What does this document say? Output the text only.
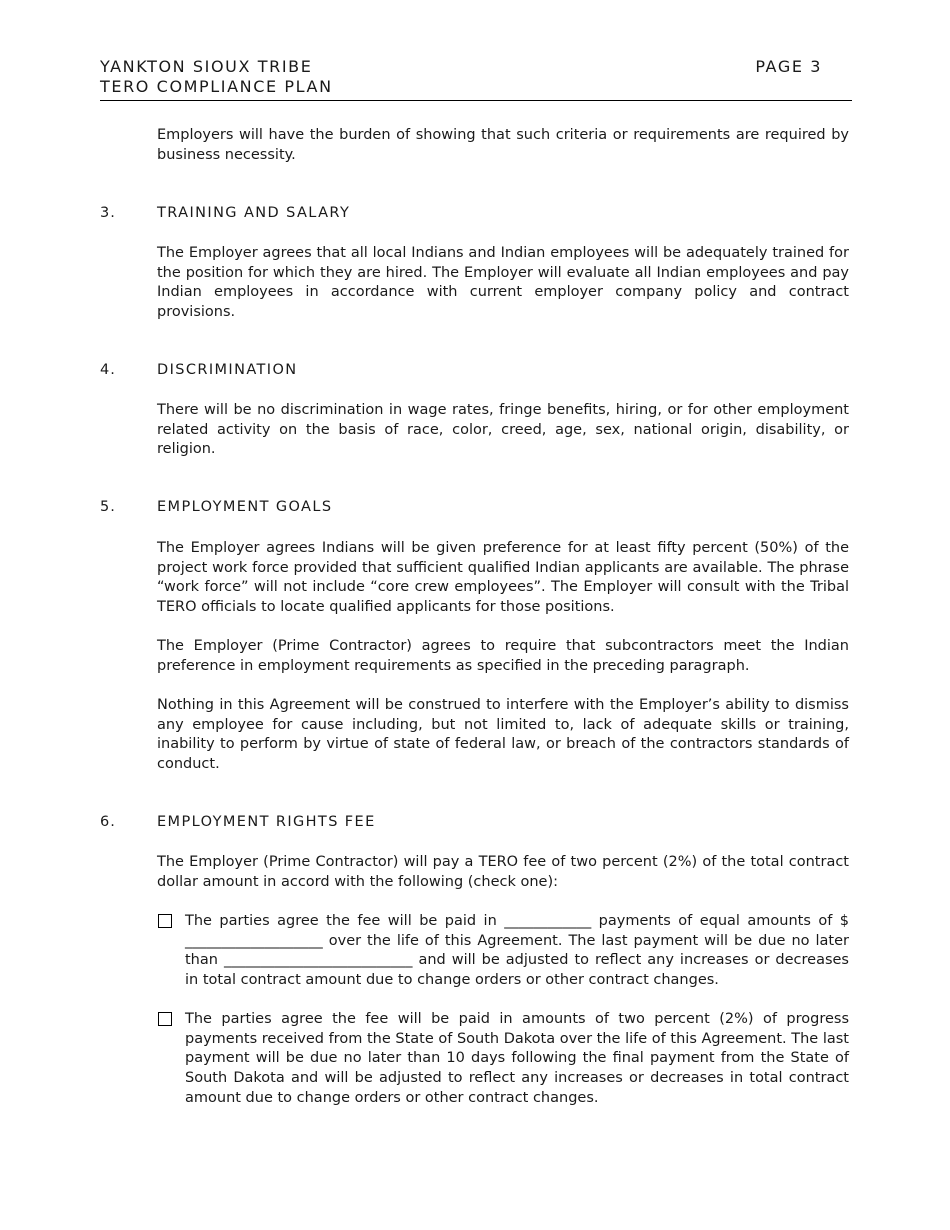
YANKTON SIOUX TRIBE
TERO COMPLIANCE PLAN
PAGE 3
Employers will have the burden of showing that such criteria or requirements are required by business necessity.
3.	TRAINING AND SALARY
The Employer agrees that all local Indians and Indian employees will be adequately trained for the position for which they are hired. The Employer will evaluate all Indian employees and pay Indian employees in accordance with current employer company policy and contract provisions.
4.	DISCRIMINATION
There will be no discrimination in wage rates, fringe benefits, hiring, or for other employment related activity on the basis of race, color, creed, age, sex, national origin, disability, or religion.
5.	EMPLOYMENT GOALS
The Employer agrees Indians will be given preference for at least fifty percent (50%) of the project work force provided that sufficient qualified Indian applicants are available. The phrase “work force” will not include “core crew employees”. The Employer will consult with the Tribal TERO officials to locate qualified applicants for those positions.
The Employer (Prime Contractor) agrees to require that subcontractors meet the Indian preference in employment requirements as specified in the preceding paragraph.
Nothing in this Agreement will be construed to interfere with the Employer’s ability to dismiss any employee for cause including, but not limited to, lack of adequate skills or training, inability to perform by virtue of state of federal law, or breach of the contractors standards of conduct.
6.	EMPLOYMENT RIGHTS FEE
The Employer (Prime Contractor) will pay a TERO fee of two percent (2%) of the total contract dollar amount in accord with the following (check one):
The parties agree the fee will be paid in ____________ payments of equal amounts of $ ___________________ over the life of this Agreement. The last payment will be due no later than __________________________ and will be adjusted to reflect any increases or decreases in total contract amount due to change orders or other contract changes.
The parties agree the fee will be paid in amounts of two percent (2%) of progress payments received from the State of South Dakota over the life of this Agreement. The last payment will be due no later than 10 days following the final payment from the State of South Dakota and will be adjusted to reflect any increases or decreases in total contract amount due to change orders or other contract changes.
